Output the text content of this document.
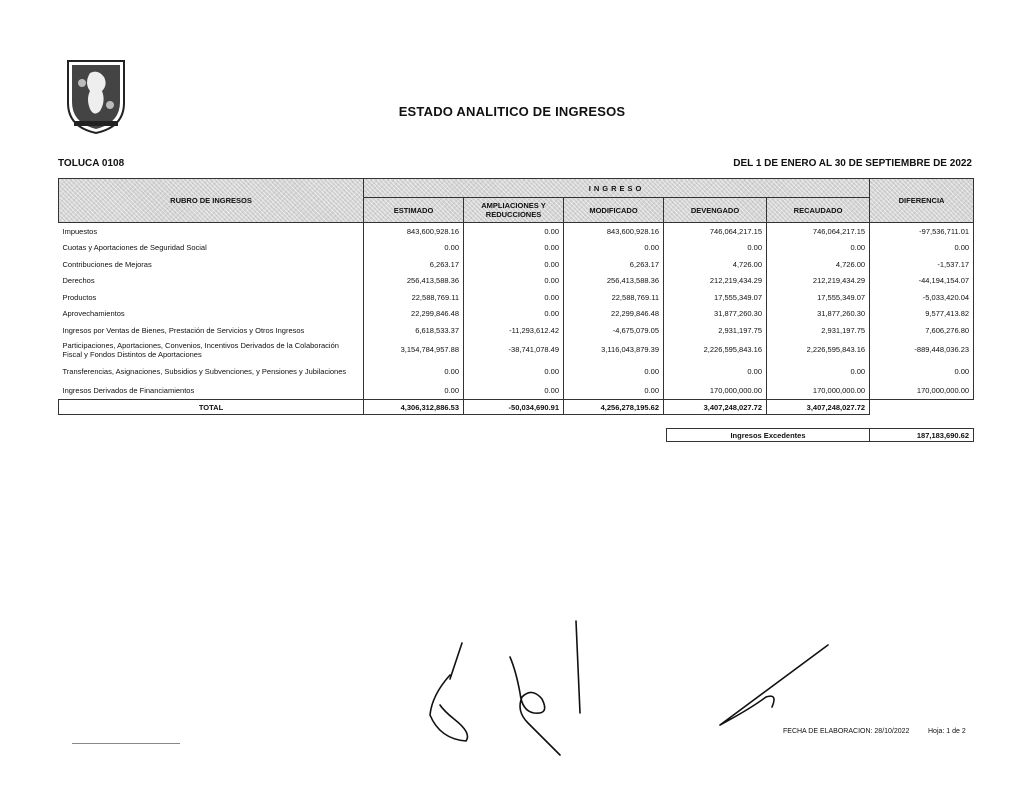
ESTADO ANALITICO DE INGRESOS
TOLUCA 0108	DEL 1 DE ENERO AL 30 DE SEPTIEMBRE DE 2022
RUBRO DE INGRESOS	INGRESO					DIFERENCIA
	ESTIMADO	AMPLIACIONES Y REDUCCIONES	MODIFICADO	DEVENGADO	RECAUDADO	
Impuestos	843,600,928.16	0.00	843,600,928.16	746,064,217.15	746,064,217.15	-97,536,711.01
Cuotas y Aportaciones de Seguridad Social	0.00	0.00	0.00	0.00	0.00	0.00
Contribuciones de Mejoras	6,263.17	0.00	6,263.17	4,726.00	4,726.00	-1,537.17
Derechos	256,413,588.36	0.00	256,413,588.36	212,219,434.29	212,219,434.29	-44,194,154.07
Productos	22,588,769.11	0.00	22,588,769.11	17,555,349.07	17,555,349.07	-5,033,420.04
Aprovechamientos	22,299,846.48	0.00	22,299,846.48	31,877,260.30	31,877,260.30	9,577,413.82
Ingresos por Ventas de Bienes, Prestación de Servicios y Otros Ingresos	6,618,533.37	-11,293,612.42	-4,675,079.05	2,931,197.75	2,931,197.75	7,606,276.80
Participaciones, Aportaciones, Convenios, Incentivos Derivados de la Colaboración Fiscal y Fondos Distintos de Aportaciones	3,154,784,957.88	-38,741,078.49	3,116,043,879.39	2,226,595,843.16	2,226,595,843.16	-889,448,036.23
Transferencias, Asignaciones, Subsidios y Subvenciones, y Pensiones y Jubilaciones	0.00	0.00	0.00	0.00	0.00	0.00
Ingresos Derivados de Financiamientos	0.00	0.00	0.00	170,000,000.00	170,000,000.00	170,000,000.00
TOTAL	4,306,312,886.53	-50,034,690.91	4,256,278,195.62	3,407,248,027.72	3,407,248,027.72	
Ingresos Excedentes	187,183,690.62
FECHA DE ELABORACION: 28/10/2022	Hoja: 1 de 2
